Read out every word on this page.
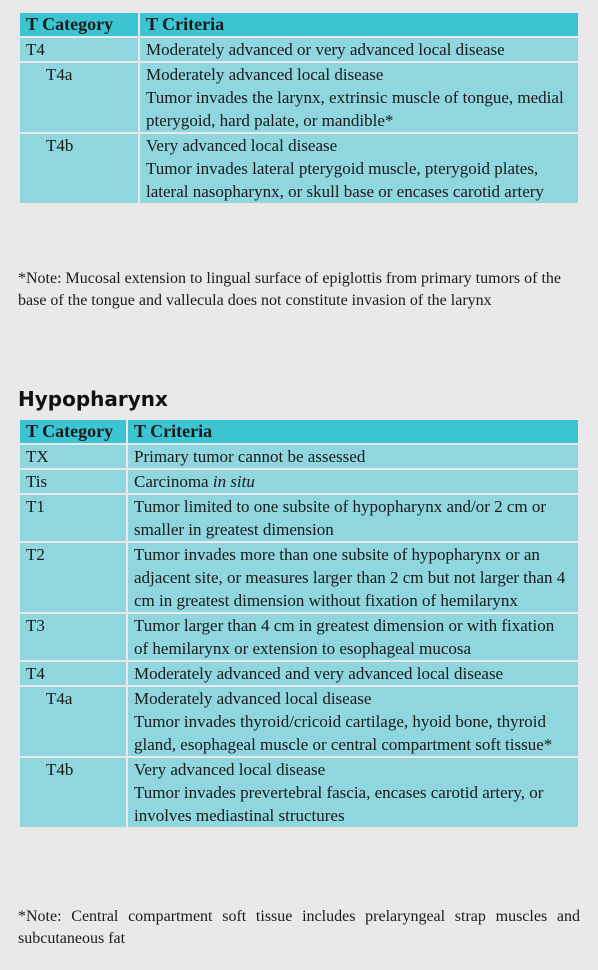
T Category	T Criteria
T4	Moderately advanced or very advanced local disease

T4a	Moderately advanced local disease
Tumor invades the larynx, extrinsic muscle of tongue, medial pterygoid, hard palate, or mandible*

T4b	Very advanced local disease
Tumor invades lateral pterygoid muscle, pterygoid plates, lateral nasopharynx, or skull base or encases carotid artery

*Note: Mucosal extension to lingual surface of epiglottis from primary tumors of the base of the tongue and vallecula does not constitute invasion of the larynx

Hypopharynx
T Category	T Criteria
TX	Primary tumor cannot be assessed

Tis	Carcinoma in situ

T1	Tumor limited to one subsite of hypopharynx and/or 2 cm or smaller in greatest dimension

T2	Tumor invades more than one subsite of hypopharynx or an adjacent site, or measures larger than 2 cm but not larger than 4 cm in greatest dimension without fixation of hemilarynx

T3	Tumor larger than 4 cm in greatest dimension or with fixation of hemilarynx or extension to esophageal mucosa

T4	Moderately advanced and very advanced local disease

T4a	Moderately advanced local disease
Tumor invades thyroid/cricoid cartilage, hyoid bone, thyroid gland, esophageal muscle or central compartment soft tissue*

T4b	Very advanced local disease
Tumor invades prevertebral fascia, encases carotid artery, or involves mediastinal structures

*Note: Central compartment soft tissue includes prelaryngeal strap muscles and subcutaneous fat
